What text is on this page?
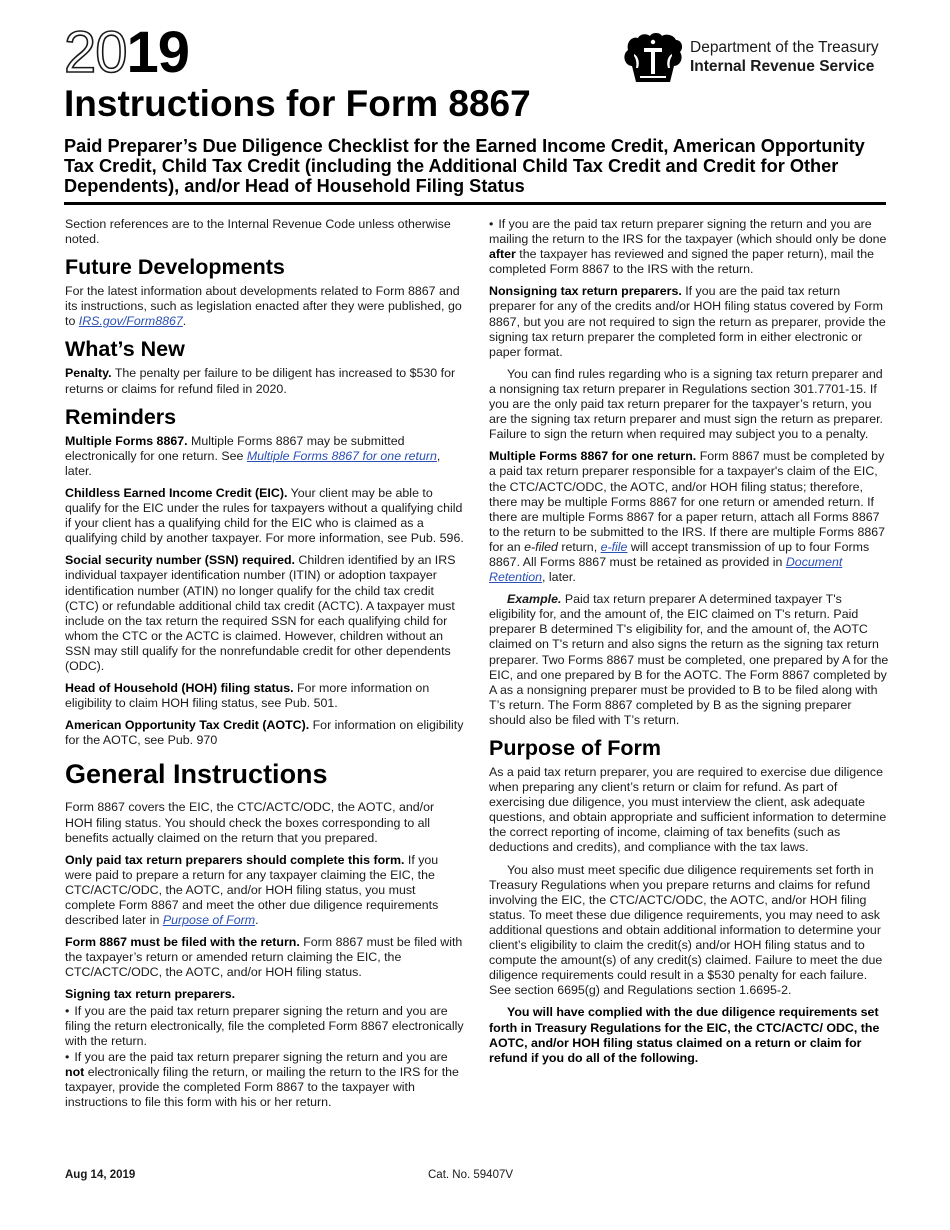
2019	Department of the Treasury
Internal Revenue Service
Instructions for Form 8867
Paid Preparer’s Due Diligence Checklist for the Earned Income Credit, American Opportunity Tax Credit, Child Tax Credit (including the Additional Child Tax Credit and Credit for Other Dependents), and/or Head of Household Filing Status

Section references are to the Internal Revenue Code unless otherwise noted.

Future Developments

For the latest information about developments related to Form 8867 and its instructions, such as legislation enacted after they were published, go to IRS.gov/Form8867.

What’s New

Penalty. The penalty per failure to be diligent has increased to $530 for returns or claims for refund filed in 2020.

Reminders

Multiple Forms 8867. Multiple Forms 8867 may be submitted electronically for one return. See Multiple Forms 8867 for one return, later.

Childless Earned Income Credit (EIC). Your client may be able to qualify for the EIC under the rules for taxpayers without a qualifying child if your client has a qualifying child for the EIC who is claimed as a qualifying child by another taxpayer. For more information, see Pub. 596.

Social security number (SSN) required. Children identified by an IRS individual taxpayer identification number (ITIN) or adoption taxpayer identification number (ATIN) no longer qualify for the child tax credit (CTC) or refundable additional child tax credit (ACTC). A taxpayer must include on the tax return the required SSN for each qualifying child for whom the CTC or the ACTC is claimed. However, children without an SSN may still qualify for the nonrefundable credit for other dependents (ODC).

Head of Household (HOH) filing status. For more information on eligibility to claim HOH filing status, see Pub. 501.

American Opportunity Tax Credit (AOTC). For information on eligibility for the AOTC, see Pub. 970

General Instructions

Form 8867 covers the EIC, the CTC/ACTC/ODC, the AOTC, and/or HOH filing status. You should check the boxes corresponding to all benefits actually claimed on the return that you prepared.

Only paid tax return preparers should complete this form. If you were paid to prepare a return for any taxpayer claiming the EIC, the CTC/ACTC/ODC, the AOTC, and/or HOH filing status, you must complete Form 8867 and meet the other due diligence requirements described later in Purpose of Form.

Form 8867 must be filed with the return. Form 8867 must be filed with the taxpayer’s return or amended return claiming the EIC, the CTC/ACTC/ODC, the AOTC, and/or HOH filing status.

Signing tax return preparers.

• If you are the paid tax return preparer signing the return and you are filing the return electronically, file the completed Form 8867 electronically with the return.

• If you are the paid tax return preparer signing the return and you are not electronically filing the return, or mailing the return to the IRS for the taxpayer, provide the completed Form 8867 to the taxpayer with instructions to file this form with his or her return.

• If you are the paid tax return preparer signing the return and you are mailing the return to the IRS for the taxpayer (which should only be done after the taxpayer has reviewed and signed the paper return), mail the completed Form 8867 to the IRS with the return.

Nonsigning tax return preparers. If you are the paid tax return preparer for any of the credits and/or HOH filing status covered by Form 8867, but you are not required to sign the return as preparer, provide the signing tax return preparer the completed form in either electronic or paper format.

You can find rules regarding who is a signing tax return preparer and a nonsigning tax return preparer in Regulations section 301.7701-15. If you are the only paid tax return preparer for the taxpayer’s return, you are the signing tax return preparer and must sign the return as preparer. Failure to sign the return when required may subject you to a penalty.

Multiple Forms 8867 for one return. Form 8867 must be completed by a paid tax return preparer responsible for a taxpayer's claim of the EIC, the CTC/ACTC/ODC, the AOTC, and/or HOH filing status; therefore, there may be multiple Forms 8867 for one return or amended return. If there are multiple Forms 8867 for a paper return, attach all Forms 8867 to the return to be submitted to the IRS. If there are multiple Forms 8867 for an e-filed return, e-file will accept transmission of up to four Forms 8867. All Forms 8867 must be retained as provided in Document Retention, later.

Example. Paid tax return preparer A determined taxpayer T's eligibility for, and the amount of, the EIC claimed on T's return. Paid preparer B determined T's eligibility for, and the amount of, the AOTC claimed on T's return and also signs the return as the signing tax return preparer. Two Forms 8867 must be completed, one prepared by A for the EIC, and one prepared by B for the AOTC. The Form 8867 completed by A as a nonsigning preparer must be provided to B to be filed along with T’s return. The Form 8867 completed by B as the signing preparer should also be filed with T’s return.

Purpose of Form

As a paid tax return preparer, you are required to exercise due diligence when preparing any client’s return or claim for refund. As part of exercising due diligence, you must interview the client, ask adequate questions, and obtain appropriate and sufficient information to determine the correct reporting of income, claiming of tax benefits (such as deductions and credits), and compliance with the tax laws.

You also must meet specific due diligence requirements set forth in Treasury Regulations when you prepare returns and claims for refund involving the EIC, the CTC/ACTC/ODC, the AOTC, and/or HOH filing status. To meet these due diligence requirements, you may need to ask additional questions and obtain additional information to determine your client’s eligibility to claim the credit(s) and/or HOH filing status and to compute the amount(s) of any credit(s) claimed. Failure to meet the due diligence requirements could result in a $530 penalty for each failure. See section 6695(g) and Regulations section 1.6695-2.

You will have complied with the due diligence requirements set forth in Treasury Regulations for the EIC, the CTC/ACTC/ ODC, the AOTC, and/or HOH filing status claimed on a return or claim for refund if you do all of the following.

Aug 14, 2019	Cat. No. 59407V
